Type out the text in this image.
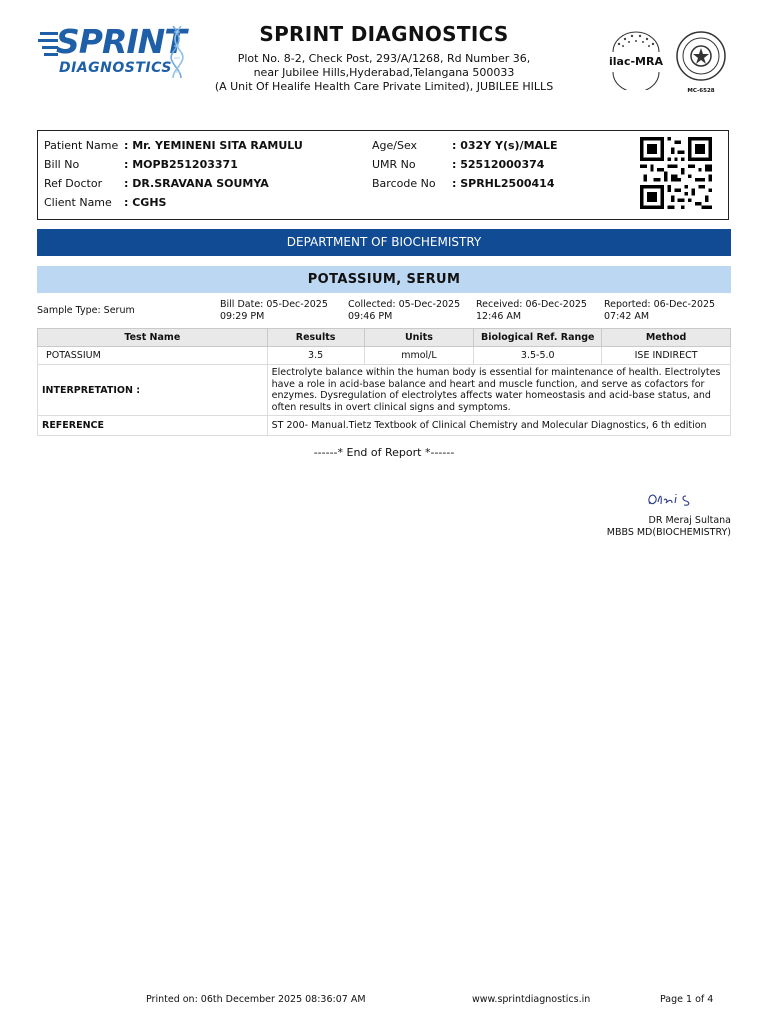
SPRINT
DIAGNOSTICS
SPRINT DIAGNOSTICS
Plot No. 8-2, Check Post, 293/A/1268, Rd Number 36,
near Jubilee Hills,Hyderabad,Telangana 500033
(A Unit Of Healife Health Care Private Limited), JUBILEE HILLS
ilac-MRA
MC-6528
Patient Name : Mr. YEMINENI SITA RAMULU
Bill No	: MOPB251203371
Ref Doctor : DR.SRAVANA SOUMYA
Client Name : CGHS
Age/Sex	: 032Y Y(s)/MALE
UMR No	: 52512000374
Barcode No : SPRHL2500414
DEPARTMENT OF BIOCHEMISTRY
POTASSIUM, SERUM
Sample Type: Serum
Bill Date: 05-Dec-2025
09:29 PM
Collected: 05-Dec-2025
09:46 PM
Received: 06-Dec-2025
12:46 AM
Reported: 06-Dec-2025
07:42 AM
Test Name	Results	Units	Biological Ref. Range	Method
POTASSIUM	3.5	mmol/L	3.5-5.0	ISE INDIRECT
INTERPRETATION :	Electrolyte balance within the human body is essential for maintenance of health. Electrolytes have a role in acid-base balance and heart and muscle function, and serve as cofactors for enzymes. Dysregulation of electrolytes affects water homeostasis and acid-base status, and often results in overt clinical signs and symptoms.			
REFERENCE	ST 200- Manual.Tietz Textbook of Clinical Chemistry and Molecular Diagnostics, 6 th edition			
------* End of Report *------
DR Meraj Sultana
MBBS MD(BIOCHEMISTRY)
Printed on: 06th December 2025 08:36:07 AM	www.sprintdiagnostics.in	Page 1 of 4
